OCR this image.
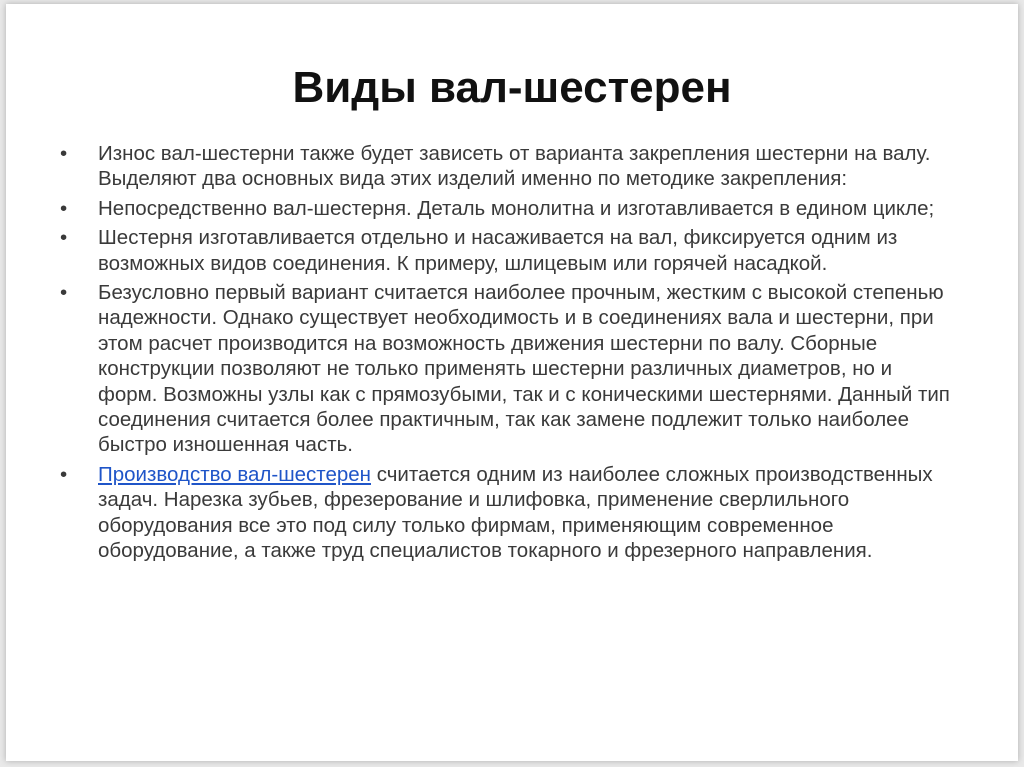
Виды вал-шестерен
• Износ вал-шестерни также будет зависеть от варианта закрепления шестерни на валу. Выделяют два основных вида этих изделий именно по методике закрепления:
• Непосредственно вал-шестерня. Деталь монолитна и изготавливается в едином цикле;
• Шестерня изготавливается отдельно и насаживается на вал, фиксируется одним из возможных видов соединения. К примеру, шлицевым или горячей насадкой.
• Безусловно первый вариант считается наиболее прочным, жестким с высокой степенью надежности. Однако существует необходимость и в соединениях вала и шестерни, при этом расчет производится на возможность движения шестерни по валу. Сборные конструкции позволяют не только применять шестерни различных диаметров, но и форм. Возможны узлы как с прямозубыми, так и с коническими шестернями. Данный тип соединения считается более практичным, так как замене подлежит только наиболее быстро изношенная часть.
• Производство вал-шестерен считается одним из наиболее сложных производственных задач. Нарезка зубьев, фрезерование и шлифовка, применение сверлильного оборудования все это под силу только фирмам, применяющим современное оборудование, а также труд специалистов токарного и фрезерного направления.
